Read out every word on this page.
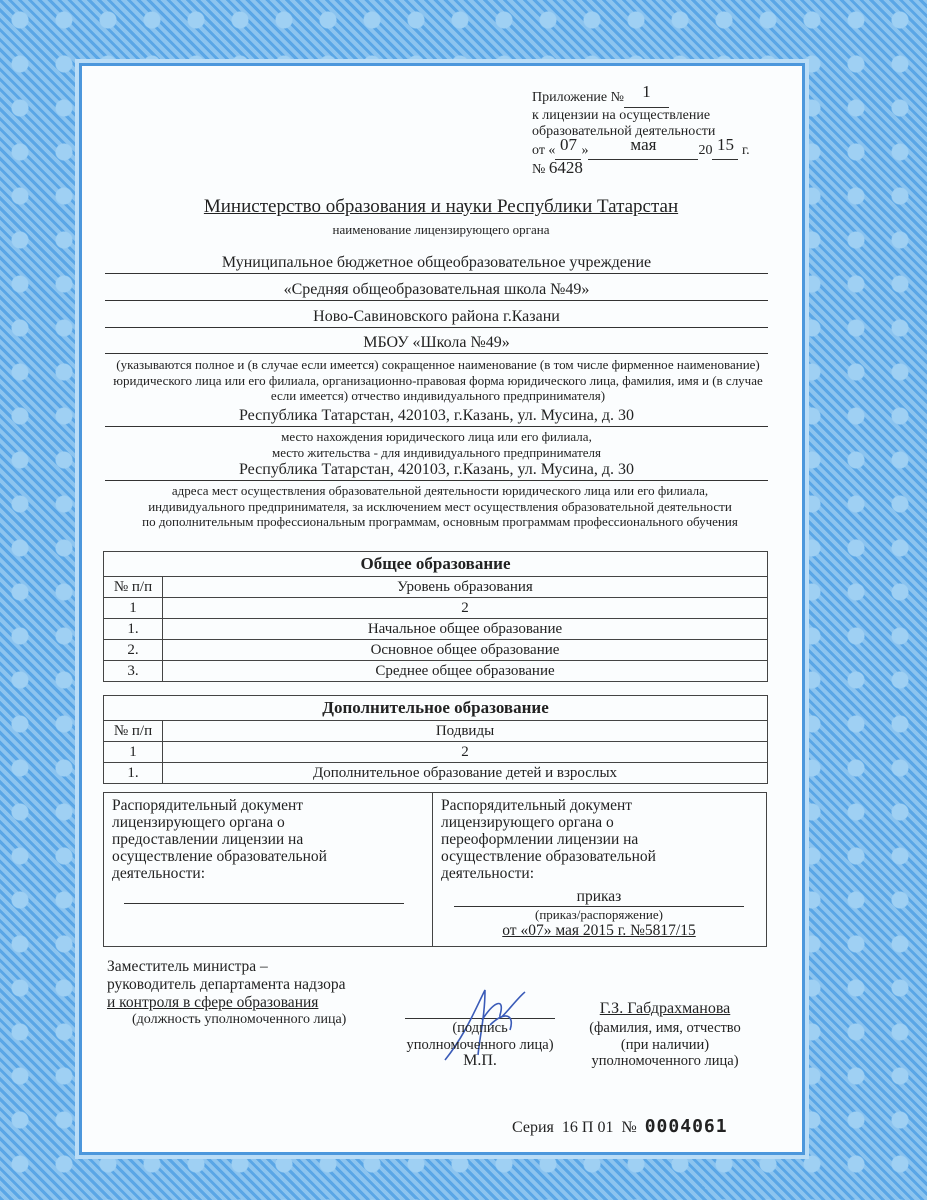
Приложение № 1
к лицензии на осуществление
образовательной деятельности
от « 07 » мая	20 15 г.
№ 6428
Министерство образования и науки Республики Татарстан
наименование лицензирующего органа
Муниципальное бюджетное общеобразовательное учреждение
«Средняя общеобразовательная школа №49»
Ново-Савиновского района г.Казани
МБОУ «Школа №49»
(указываются полное и (в случае если имеется) сокращенное наименование (в том числе фирменное наименование) юридического лица или его филиала, организационно-правовая форма юридического лица, фамилия, имя и (в случае если имеется) отчество индивидуального предпринимателя)
Республика Татарстан, 420103, г.Казань, ул. Мусина, д. 30
место нахождения юридического лица или его филиала,
место жительства - для индивидуального предпринимателя
Республика Татарстан, 420103, г.Казань, ул. Мусина, д. 30
адреса мест осуществления образовательной деятельности юридического лица или его филиала, индивидуального предпринимателя, за исключением мест осуществления образовательной деятельности по дополнительным профессиональным программам, основным программам профессионального обучения
Общее образование	
№ п/п	Уровень образования
1	2
1.	Начальное общее образование
2.	Основное общее образование
3.	Среднее общее образование
Дополнительное образование	
№ п/п	Подвиды
1	2
1.	Дополнительное образование детей и взрослых
Распорядительный документ лицензирующего органа о предоставлении лицензии на осуществление образовательной деятельности:
Распорядительный документ лицензирующего органа о переоформлении лицензии на осуществление образовательной деятельности:
приказ
(приказ/распоряжение)
от «07» мая 2015 г. №5817/15
Заместитель министра –
руководитель департамента надзора
и контроля в сфере образования
(должность уполномоченного лица)
(подпись
уполномоченного лица)
М.П.
Г.З. Габдрахманова
(фамилия, имя, отчество
(при наличии)
уполномоченного лица)
Серия 16 П 01 № 0004061
